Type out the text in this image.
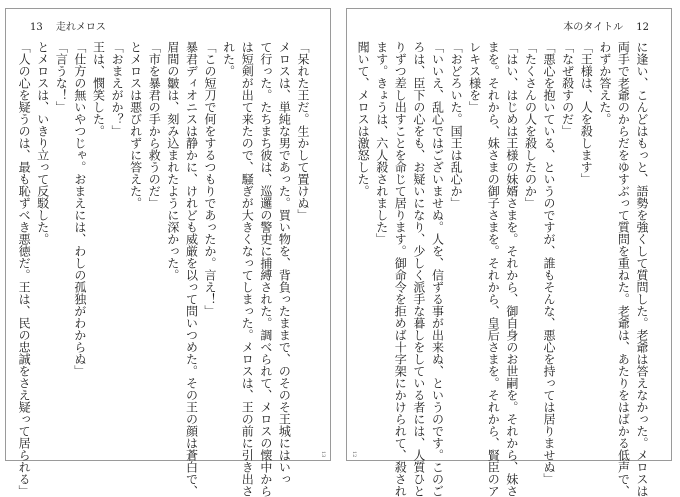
13 走れメロス
「呆れた王だ。生かして置けぬ」
メロスは、単純な男であった。買い物を、背負ったままで、のそのそ王城にはいっ
て行った。たちまち彼は、巡邏の警吏に捕縛された。調べられて、メロスの懐中から
は短剣が出て来たので、騒ぎが大きくなってしまった。メロスは、王の前に引き出さ
れた。
「この短刀で何をするつもりであったか。言え！」
暴君ディオニスは静かに、けれども威厳を以って問いつめた。その王の顔は蒼白で、
眉間の皺は、刻み込まれたように深かった。
「市を暴君の手から救うのだ」
とメロスは悪びれずに答えた。
「おまえがか？」
王は、憫笑した。
「仕方の無いやつじゃ。おまえには、わしの孤独がわからぬ」
「言うな！」
とメロスは、いきり立って反駁した。
「人の心を疑うのは、最も恥ずべき悪徳だ。王は、民の忠誠をさえ疑って居られる」	13
本のタイトル 12
に逢い、こんどはもっと、語勢を強くして質問した。老爺は答えなかった。メロスは
両手で老爺のからだをゆすぶって質問を重ねた。老爺は、あたりをはばかる低声で、
わずか答えた。
「王様は、人を殺します」
「なぜ殺すのだ」
「悪心を抱いている、というのですが、誰もそんな、悪心を持っては居りませぬ」
「たくさんの人を殺したのか」
「はい、はじめは王様の妹婿さまを。それから、御自身のお世嗣を。それから、妹さ
まを。それから、妹さまの御子さまを。それから、皇后さまを。それから、賢臣のア
レキス様を」
「おどろいた。国王は乱心か」
「いいえ、乱心ではございませぬ。人を、信ずる事が出来ぬ、というのです。このご
ろは、臣下の心をも、お疑いになり、少しく派手な暮しをしている者には、人質ひと
りずつ差し出すことを命じて居ります。御命令を拒めば十字架にかけられて、殺され
ます。きょうは、六人殺されました」
聞いて、メロスは激怒した。
12
